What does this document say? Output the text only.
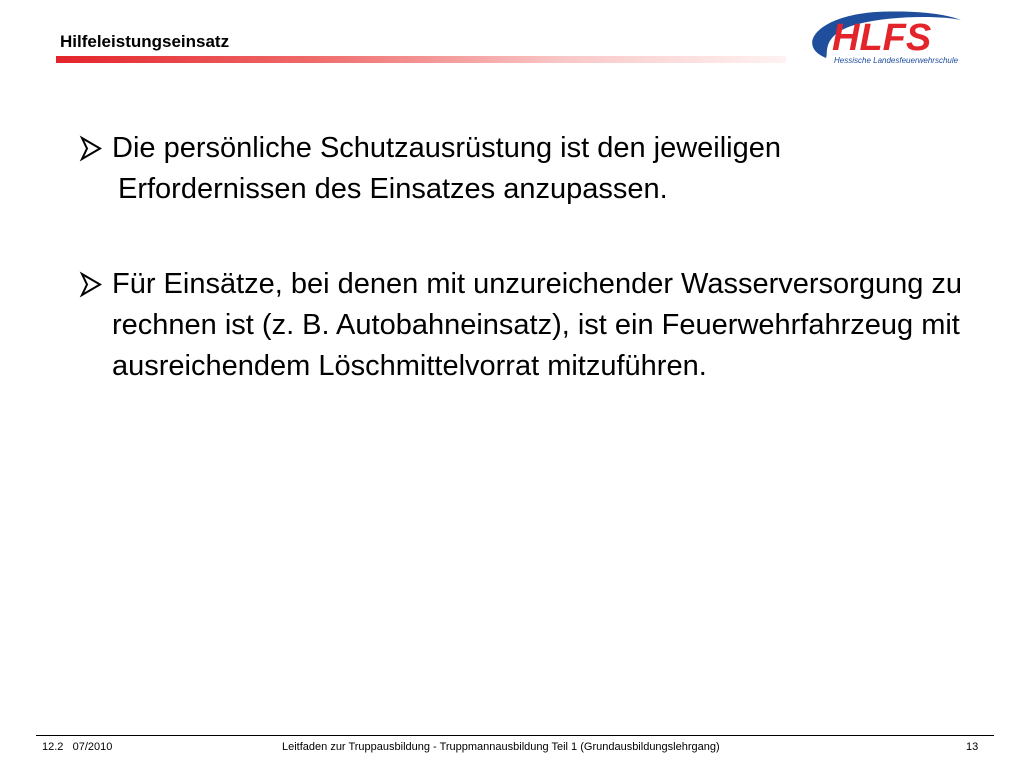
Hilfeleistungseinsatz	HLFS
Hessische Landesfeuerwehrschule
Die persönliche Schutzausrüstung ist den jeweiligen
Erfordernissen des Einsatzes anzupassen.
Für Einsätze, bei denen mit unzureichender Wasserversorgung zu rechnen ist (z. B. Autobahneinsatz), ist ein Feuerwehrfahrzeug mit ausreichendem Löschmittelvorrat mitzuführen.
12.2   07/2010	Leitfaden zur Truppausbildung - Truppmannausbildung Teil 1 (Grundausbildungslehrgang)	13
